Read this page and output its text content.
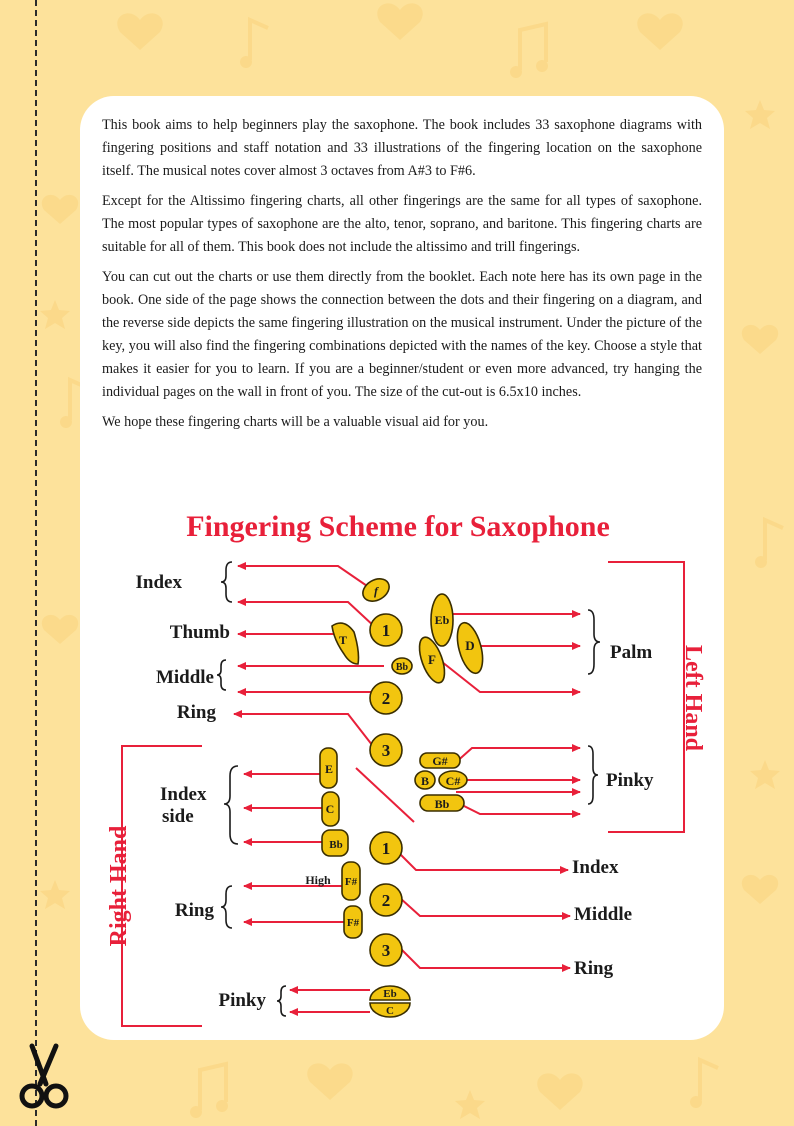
This book aims to help beginners play the saxophone. The book includes 33 saxophone diagrams with fingering positions and staff notation and 33 illustrations of the fingering location on the saxophone itself. The musical notes cover almost 3 octaves from A#3 to F#6.

Except for the Altissimo fingering charts, all other fingerings are the same for all types of saxophone. The most popular types of saxophone are the alto, tenor, soprano, and baritone. This fingering charts are suitable for all of them. This book does not include the altissimo and trill fingerings.

You can cut out the charts or use them directly from the booklet. Each note here has its own page in the book. One side of the page shows the connection between the dots and their fingering on a diagram, and the reverse side depicts the same fingering illustration on the musical instrument. Under the picture of the key, you will also find the fingering combinations depicted with the names of the key. Choose a style that makes it easier for you to learn. If you are a beginner/student or even more advanced, try hanging the individual pages on the wall in front of you. The size of the cut-out is 6.5x10 inches.

We hope these fingering charts will be a valuable visual aid for you.

Fingering Scheme for Saxophone
Left Hand
Right Hand
Index
Thumb
Middle
Ring
Index
side
Ring
Pinky
Palm
Pinky
Index
Middle
Ring
f
1
T
Bb
2
3
Eb
D
F
G#
B C#
Bb
E
C
Bb
High F#
F#
1
2
3
Eb
C
